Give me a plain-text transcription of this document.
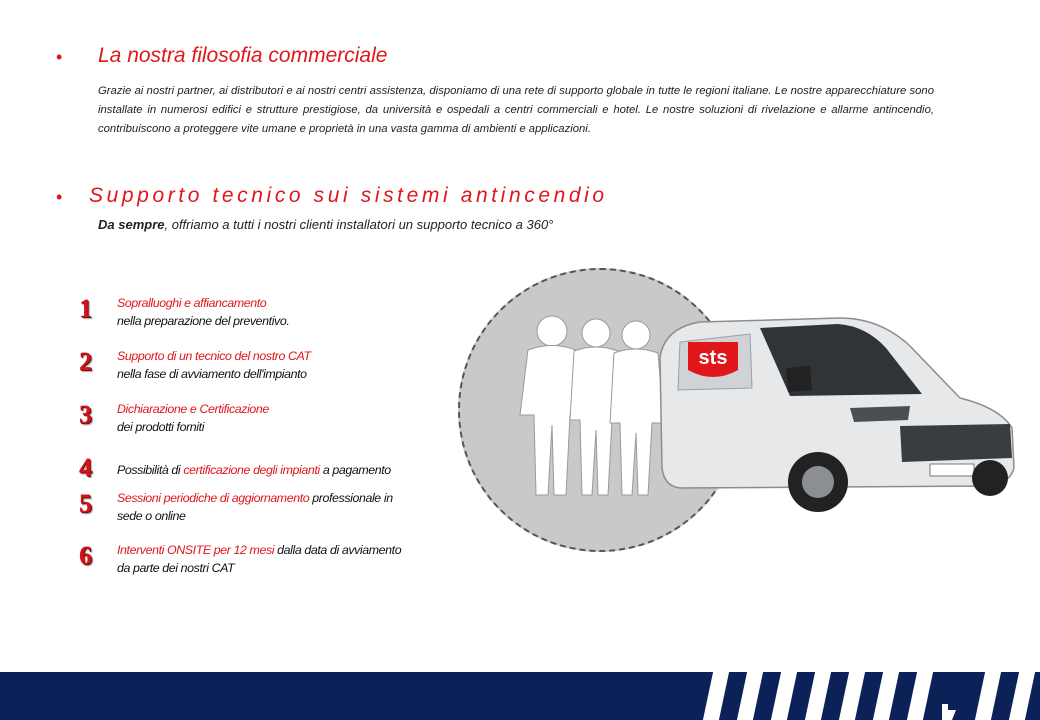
• La nostra filosofia commerciale
Grazie ai nostri partner, ai distributori e ai nostri centri assistenza, disponiamo di una rete di supporto globale in tutte le regioni italiane. Le nostre apparecchiature sono installate in numerosi edifici e strutture prestigiose, da università e ospedali a centri commerciali e hotel. Le nostre soluzioni di rivelazione e allarme antincendio, contribuiscono a proteggere vite umane e proprietà in una vasta gamma di ambienti e applicazioni.
• Supporto tecnico sui sistemi antincendio
Da sempre, offriamo a tutti i nostri clienti installatori un supporto tecnico a 360°
1 Sopralluoghi e affiancamento
nella preparazione del preventivo.
2 Supporto di un tecnico del nostro CAT
nella fase di avviamento dell'impianto
3 Dichiarazione e Certificazione
dei prodotti forniti
4 Possibilità di certificazione degli impianti a pagamento
5 Sessioni periodiche di aggiornamento professionale in
sede o online
6 Interventi ONSITE per 12 mesi dalla data di avviamento
da parte dei nostri CAT
sts
